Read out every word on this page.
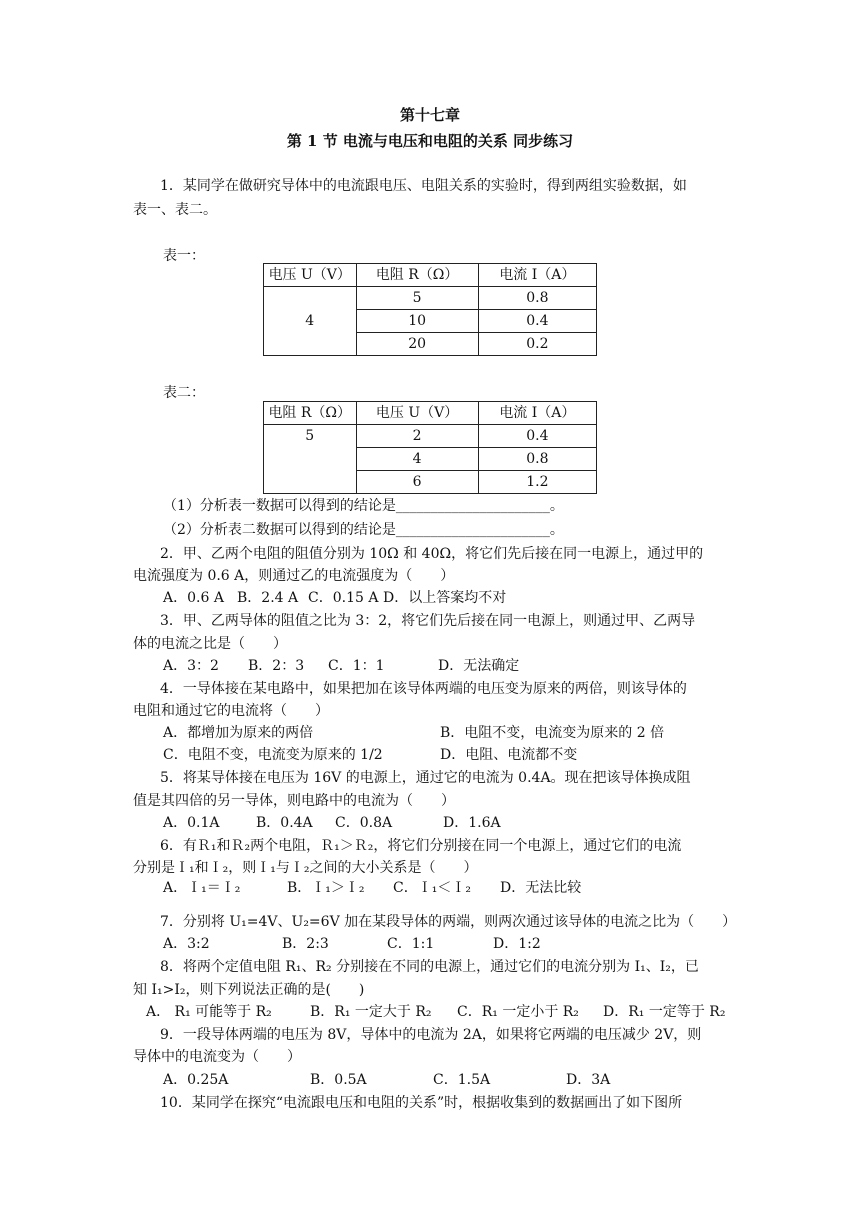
第十七章
第 1 节 电流与电压和电阻的关系 同步练习
1．某同学在做研究导体中的电流跟电压、电阻关系的实验时，得到两组实验数据，如
表一、表二。
表一：
电压 U（V）	电阻 R（Ω）	电流 I（A）
4	5	0.8
	10	0.4
	20	0.2
表二：
电阻 R（Ω）	电压 U（V）	电流 I（A）
5	2	0.4
	4	0.8
	6	1.2
（1）分析表一数据可以得到的结论是______________________。
（2）分析表二数据可以得到的结论是______________________。
2．甲、乙两个电阻的阻值分别为 10Ω 和 40Ω，将它们先后接在同一电源上，通过甲的
电流强度为 0.6 A，则通过乙的电流强度为（　　）
A．0.6 A B．2.4 A C．0.15 A D．以上答案均不对
3．甲、乙两导体的阻值之比为 3：2，将它们先后接在同一电源上，则通过甲、乙两导
体的电流之比是（　　）
A．3：2 B．2：3 C．1：1	D．无法确定
4．一导体接在某电路中，如果把加在该导体两端的电压变为原来的两倍，则该导体的
电阻和通过它的电流将（　　）
A．都增加为原来的两倍	B．电阻不变，电流变为原来的 2 倍
C．电阻不变，电流变为原来的 1/2	D．电阻、电流都不变
5．将某导体接在电压为 16V 的电源上，通过它的电流为 0.4A。现在把该导体换成阻
值是其四倍的另一导体，则电路中的电流为（　　）
A．0.1A	B．0.4A C．0.8A	D．1.6A
6．有Ｒ₁和Ｒ₂两个电阻，Ｒ₁＞Ｒ₂，将它们分别接在同一个电源上，通过它们的电流
分别是Ｉ₁和Ｉ₂，则Ｉ₁与Ｉ₂之间的大小关系是（　　）
A．Ｉ₁＝Ｉ₂	B．Ｉ₁＞Ｉ₂ C．Ｉ₁＜Ｉ₂ D．无法比较
7．分别将 U₁=4V、U₂=6V 加在某段导体的两端，则两次通过该导体的电流之比为（　　）
A．3:2	B．2:3	C．1:1	D．1:2
8．将两个定值电阻 R₁、R₂ 分别接在不同的电源上，通过它们的电流分别为 I₁、I₂，已
知 I₁>I₂，则下列说法正确的是(　　)
A． R₁ 可能等于 R₂	B．R₁ 一定大于 R₂ C．R₁ 一定小于 R₂ D．R₁ 一定等于 R₂
9．一段导体两端的电压为 8V，导体中的电流为 2A，如果将它两端的电压减少 2V，则
导体中的电流变为（　　）
A．0.25A	B．0.5A	C．1.5A	D．3A
10．某同学在探究“电流跟电压和电阻的关系”时，根据收集到的数据画出了如下图所
